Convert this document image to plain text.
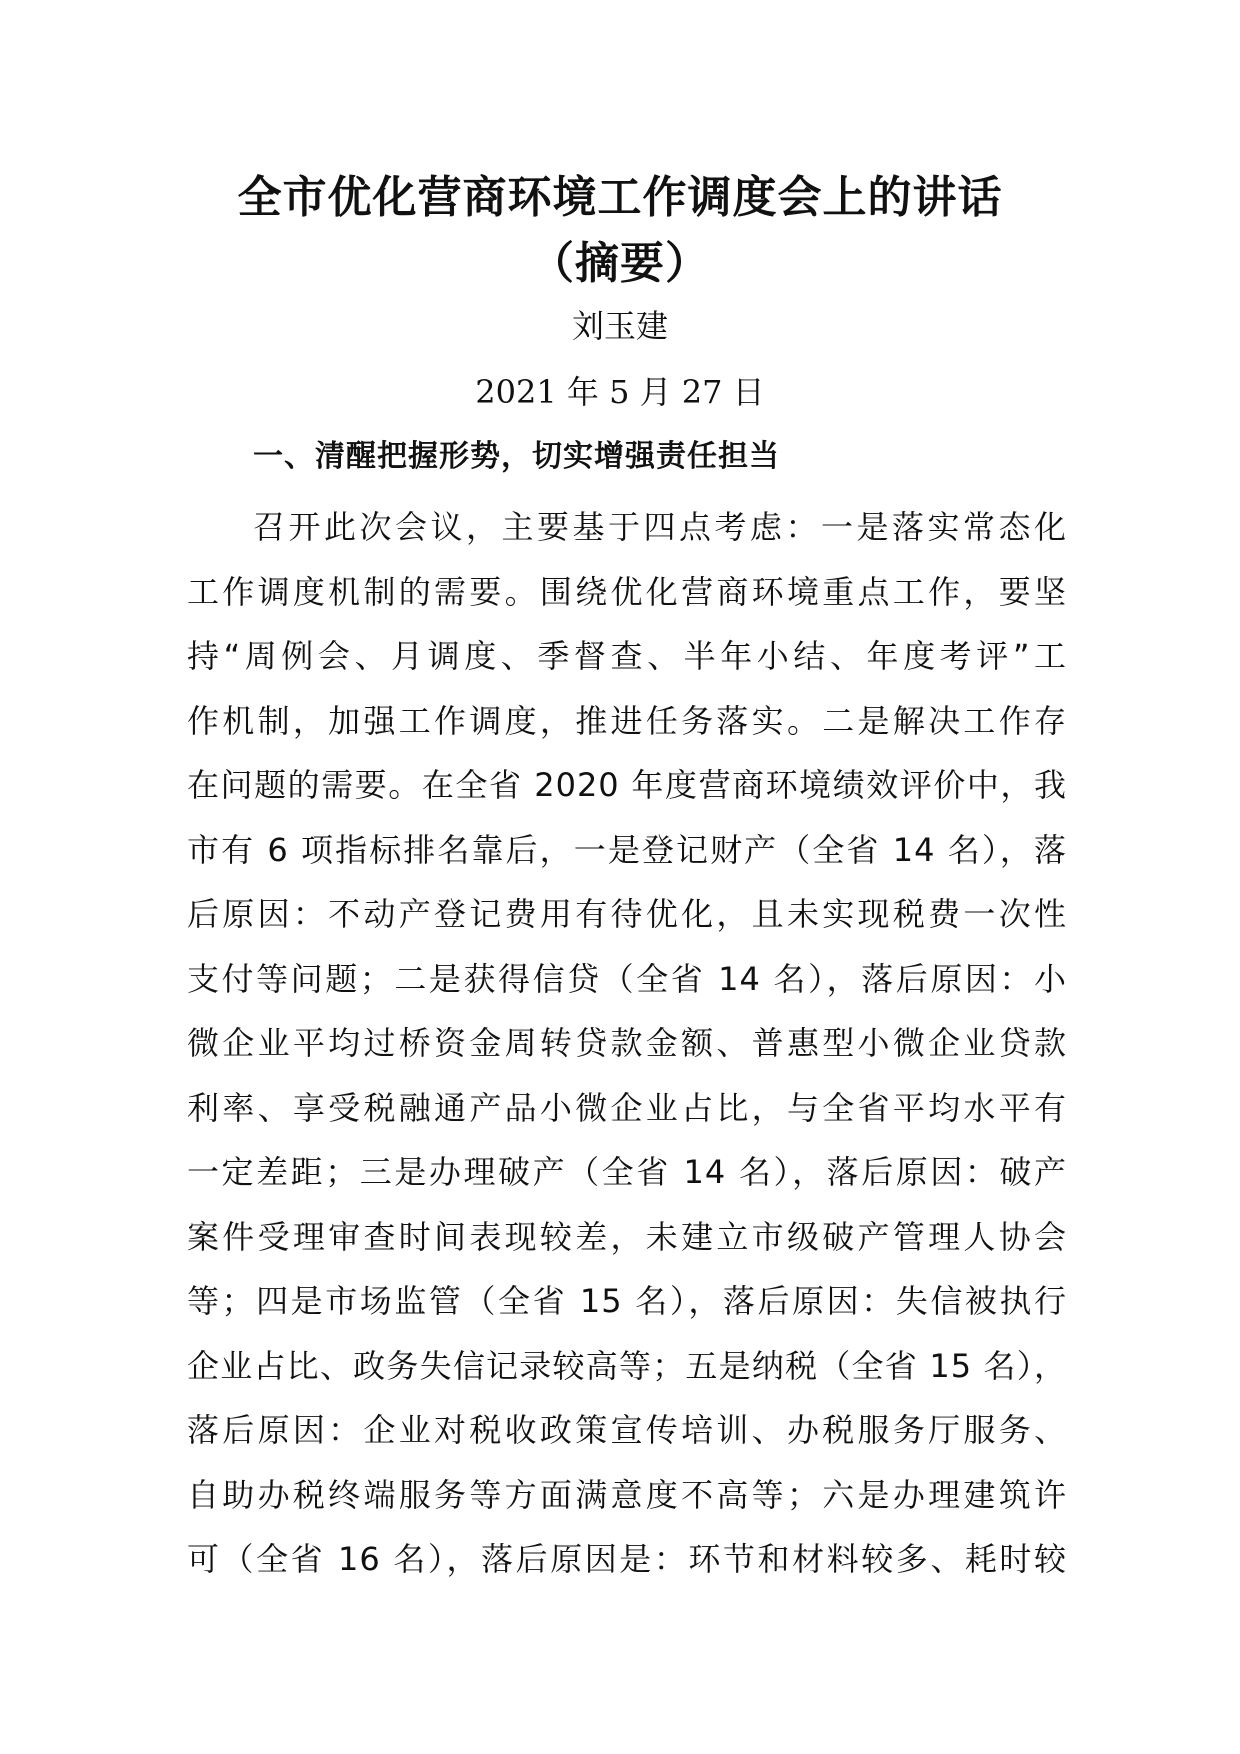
全市优化营商环境工作调度会上的讲话
（摘要）
刘玉建
2021 年 5 月 27 日
一、清醒把握形势，切实增强责任担当
召开此次会议，主要基于四点考虑：一是落实常态化
工作调度机制的需要。围绕优化营商环境重点工作，要坚
持“周例会、月调度、季督查、半年小结、年度考评”工
作机制，加强工作调度，推进任务落实。二是解决工作存
在问题的需要。在全省 2020 年度营商环境绩效评价中，我
市有 6 项指标排名靠后，一是登记财产（全省 14 名），落
后原因：不动产登记费用有待优化，且未实现税费一次性
支付等问题；二是获得信贷（全省 14 名），落后原因：小
微企业平均过桥资金周转贷款金额、普惠型小微企业贷款
利率、享受税融通产品小微企业占比，与全省平均水平有
一定差距；三是办理破产（全省 14 名），落后原因：破产
案件受理审查时间表现较差，未建立市级破产管理人协会
等；四是市场监管（全省 15 名），落后原因：失信被执行
企业占比、政务失信记录较高等；五是纳税（全省 15 名），
落后原因：企业对税收政策宣传培训、办税服务厅服务、
自助办税终端服务等方面满意度不高等；六是办理建筑许
可（全省 16 名），落后原因是：环节和材料较多、耗时较
